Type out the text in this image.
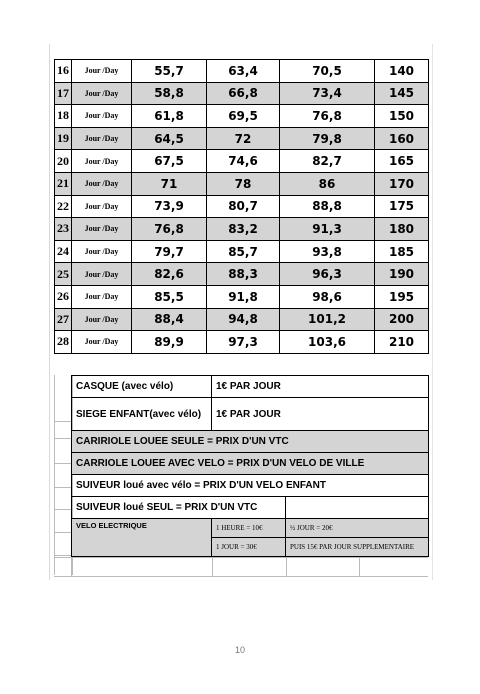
16	Jour /Day	55,7	63,4	70,5	140
17	Jour /Day	58,8	66,8	73,4	145
18	Jour /Day	61,8	69,5	76,8	150
19	Jour /Day	64,5	72	79,8	160
20	Jour /Day	67,5	74,6	82,7	165
21	Jour /Day	71	78	86	170
22	Jour /Day	73,9	80,7	88,8	175
23	Jour /Day	76,8	83,2	91,3	180
24	Jour /Day	79,7	85,7	93,8	185
25	Jour /Day	82,6	88,3	96,3	190
26	Jour /Day	85,5	91,8	98,6	195
27	Jour /Day	88,4	94,8	101,2	200
28	Jour /Day	89,9	97,3	103,6	210
CASQUE (avec vélo)	1€ PAR JOUR	
SIEGE ENFANT(avec vélo)	1€ PAR JOUR	
CARIRIOLE LOUEE SEULE = PRIX D'UN VTC		
CARRIOLE LOUEE AVEC VELO = PRIX D'UN VELO DE VILLE		
SUIVEUR loué avec vélo = PRIX D'UN VELO ENFANT		
SUIVEUR loué SEUL = PRIX D'UN VTC		
VELO ELECTRIQUE	1 HEURE = 10€	½ JOUR = 20€
	1 JOUR = 30€	PUIS 15€ PAR JOUR SUPPLEMENTAIRE
10
